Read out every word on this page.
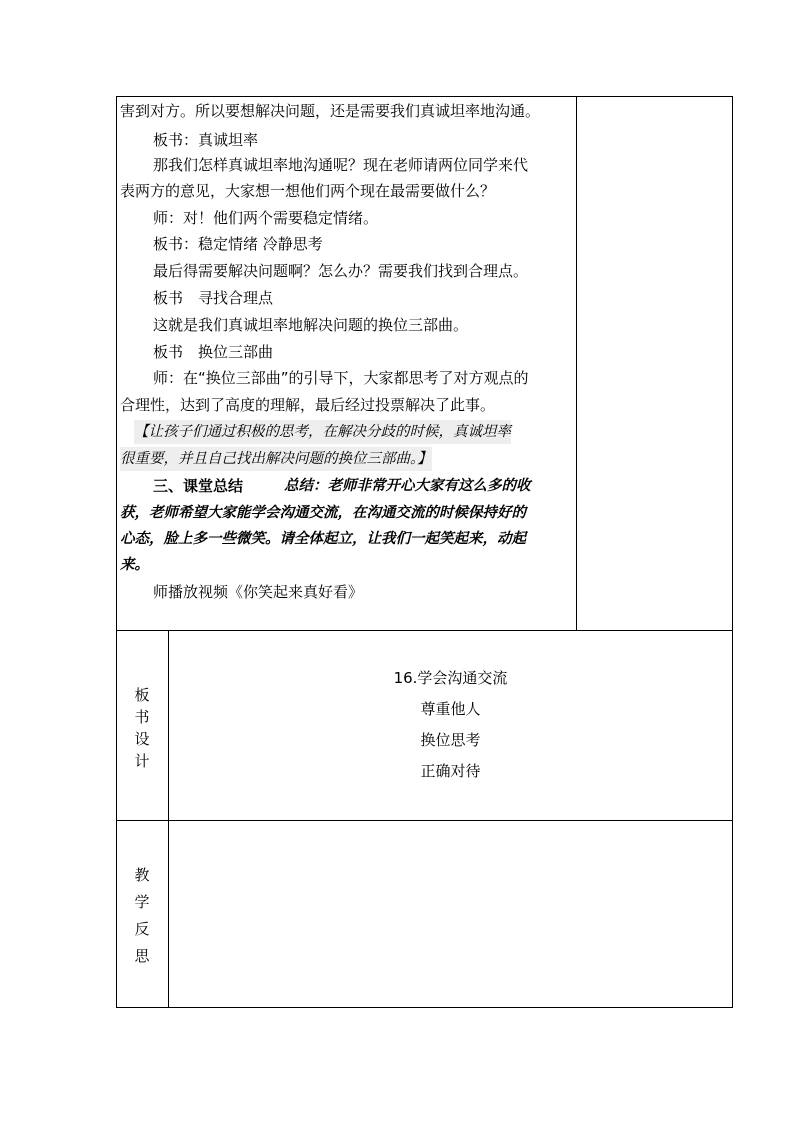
害到对方。所以要想解决问题，还是需要我们真诚坦率地沟通。
板书：真诚坦率
那我们怎样真诚坦率地沟通呢？现在老师请两位同学来代
表两方的意见，大家想一想他们两个现在最需要做什么？
师：对！他们两个需要稳定情绪。
板书：稳定情绪 冷静思考
最后得需要解决问题啊？怎么办？需要我们找到合理点。
板书　寻找合理点
这就是我们真诚坦率地解决问题的换位三部曲。
板书　换位三部曲
师：在“换位三部曲”的引导下，大家都思考了对方观点的
合理性，达到了高度的理解，最后经过投票解决了此事。
【让孩子们通过积极的思考，在解决分歧的时候，真诚坦率
很重要，并且自己找出解决问题的换位三部曲。】
三、课堂总结	总结：老师非常开心大家有这么多的收
获，老师希望大家能学会沟通交流，在沟通交流的时候保持好的
心态，脸上多一些微笑。请全体起立，让我们一起笑起来，动起
来。
师播放视频《你笑起来真好看》
板
书
设
计
16.学会沟通交流
尊重他人
换位思考
正确对待
教
学
反
思
